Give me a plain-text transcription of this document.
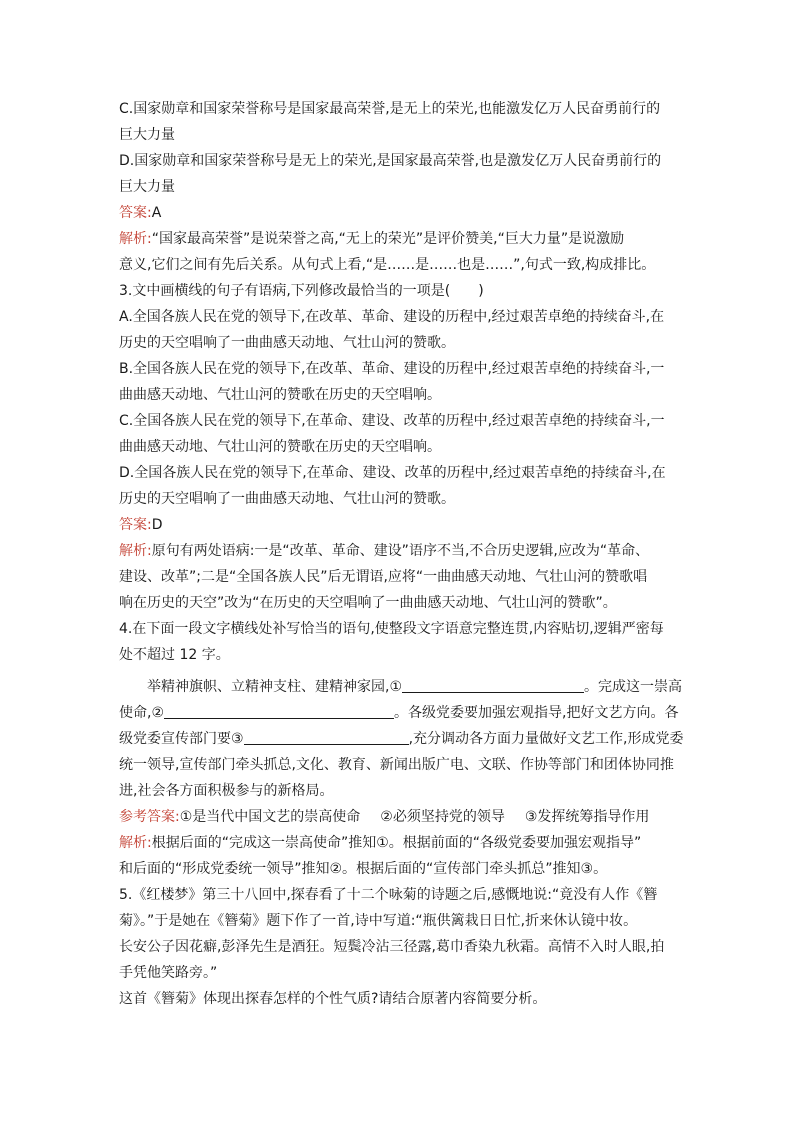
C.国家勋章和国家荣誉称号是国家最高荣誉,是无上的荣光,也能激发亿万人民奋勇前行的
巨大力量
D.国家勋章和国家荣誉称号是无上的荣光,是国家最高荣誉,也是激发亿万人民奋勇前行的
巨大力量
答案:A
解析:“国家最高荣誉”是说荣誉之高,“无上的荣光”是评价赞美,“巨大力量”是说激励
意义,它们之间有先后关系。从句式上看,“是……是……也是……”,句式一致,构成排比。
3.文中画横线的句子有语病,下列修改最恰当的一项是(　　)
A.全国各族人民在党的领导下,在改革、革命、建设的历程中,经过艰苦卓绝的持续奋斗,在
历史的天空唱响了一曲曲感天动地、气壮山河的赞歌。
B.全国各族人民在党的领导下,在改革、革命、建设的历程中,经过艰苦卓绝的持续奋斗,一
曲曲感天动地、气壮山河的赞歌在历史的天空唱响。
C.全国各族人民在党的领导下,在革命、建设、改革的历程中,经过艰苦卓绝的持续奋斗,一
曲曲感天动地、气壮山河的赞歌在历史的天空唱响。
D.全国各族人民在党的领导下,在革命、建设、改革的历程中,经过艰苦卓绝的持续奋斗,在
历史的天空唱响了一曲曲感天动地、气壮山河的赞歌。
答案:D
解析:原句有两处语病:一是“改革、革命、建设”语序不当,不合历史逻辑,应改为“革命、
建设、改革”;二是“全国各族人民”后无谓语,应将“一曲曲感天动地、气壮山河的赞歌唱
响在历史的天空”改为“在历史的天空唱响了一曲曲感天动地、气壮山河的赞歌”。
4.在下面一段文字横线处补写恰当的语句,使整段文字语意完整连贯,内容贴切,逻辑严密每
处不超过 12 字。
举精神旗帜、立精神支柱、建精神家园,①	。完成这一崇高
使命,②	。各级党委要加强宏观指导,把好文艺方向。各
级党委宣传部门要③	,充分调动各方面力量做好文艺工作,形成党委
统一领导,宣传部门牵头抓总,文化、教育、新闻出版广电、文联、作协等部门和团体协同推
进,社会各方面积极参与的新格局。
参考答案:①是当代中国文艺的崇高使命 ②必须坚持党的领导 ③发挥统筹指导作用
解析:根据后面的“完成这一崇高使命”推知①。根据前面的“各级党委要加强宏观指导”
和后面的“形成党委统一领导”推知②。根据后面的“宣传部门牵头抓总”推知③。
5.《红楼梦》第三十八回中,探春看了十二个咏菊的诗题之后,感慨地说:“竟没有人作《簪
菊》。”于是她在《簪菊》题下作了一首,诗中写道:“瓶供篱栽日日忙,折来休认镜中妆。
长安公子因花癖,彭泽先生是酒狂。短鬓冷沾三径露,葛巾香染九秋霜。高情不入时人眼,拍
手凭他笑路旁。”
这首《簪菊》体现出探春怎样的个性气质?请结合原著内容简要分析。
